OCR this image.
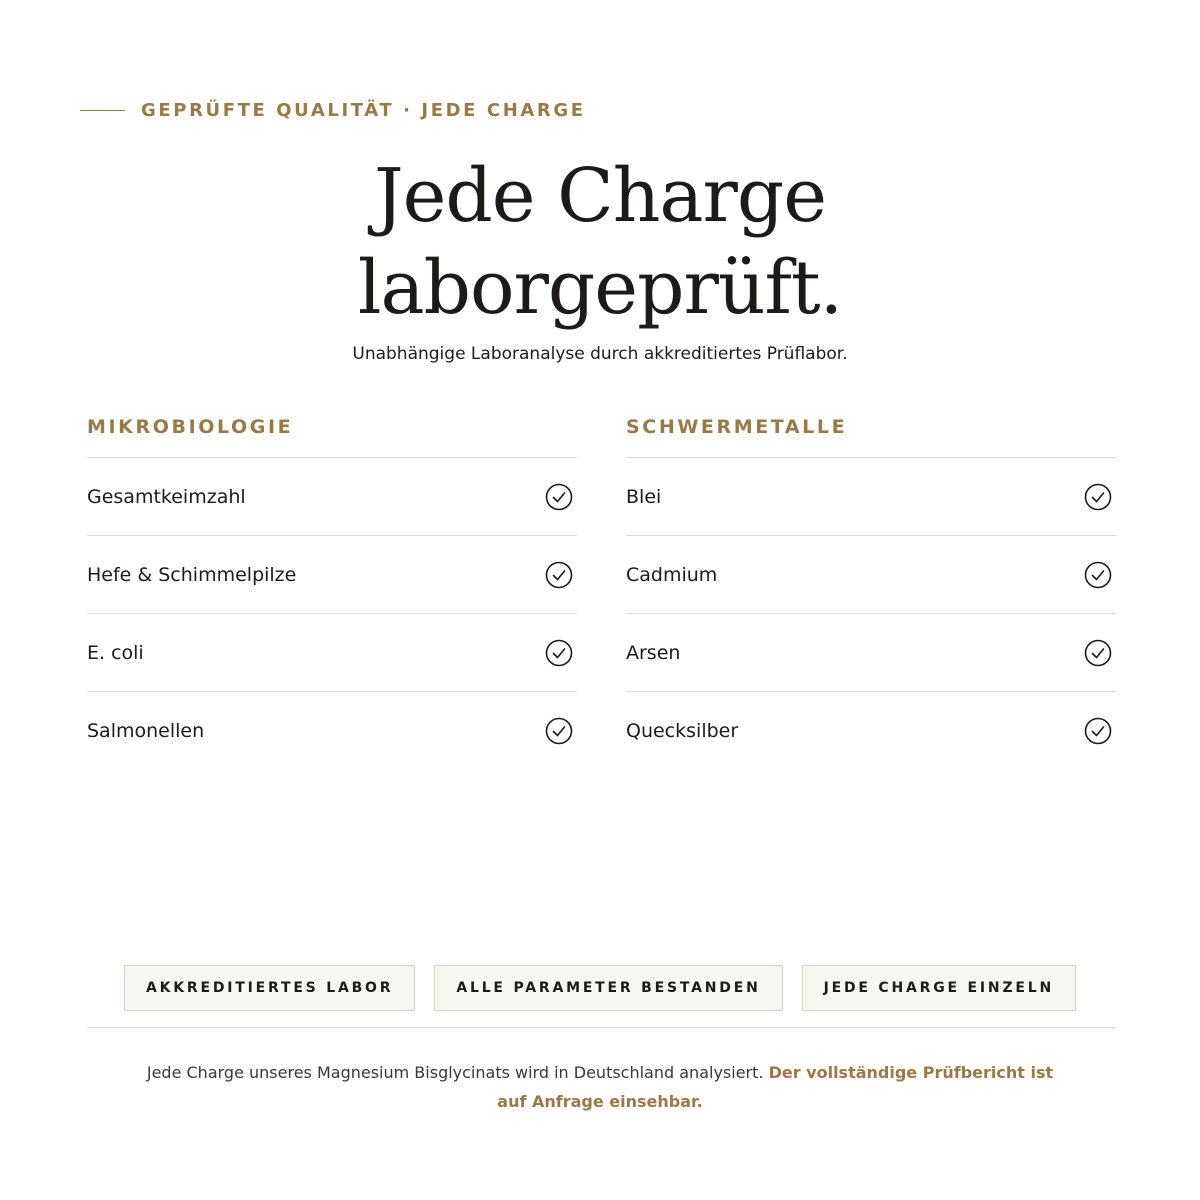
GEPRÜFTE QUALITÄT · JEDE CHARGE
Jede Charge
laborgeprüft.
Unabhängige Laboranalyse durch akkreditiertes Prüflabor.
MIKROBIOLOGIE
Gesamtkeimzahl
Hefe & Schimmelpilze
E. coli
Salmonellen
SCHWERMETALLE
Blei
Cadmium
Arsen
Quecksilber
AKKREDITIERTES LABOR	ALLE PARAMETER BESTANDEN	JEDE CHARGE EINZELN
Jede Charge unseres Magnesium Bisglycinats wird in Deutschland analysiert. Der vollständige Prüfbericht ist auf Anfrage einsehbar.
